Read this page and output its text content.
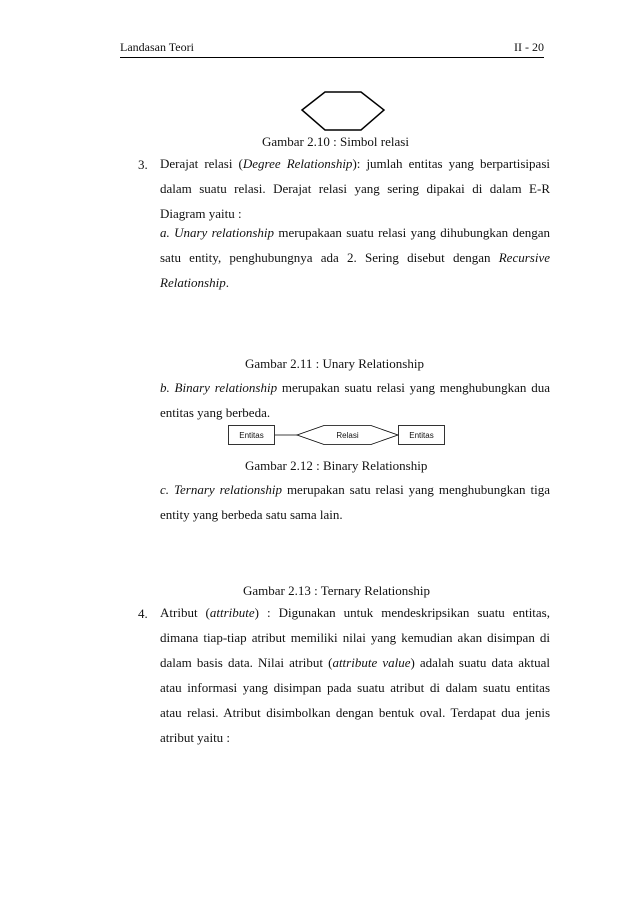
Landasan Teori	II - 20
Gambar 2.10 : Simbol relasi
3. Derajat relasi (Degree Relationship): jumlah entitas yang berpartisipasi dalam suatu relasi. Derajat relasi yang sering dipakai di dalam E-R Diagram yaitu :
a. Unary relationship merupakaan suatu relasi yang dihubungkan dengan satu entity, penghubungnya ada 2. Sering disebut dengan Recursive Relationship.
Gambar 2.11 : Unary Relationship
b. Binary relationship merupakan suatu relasi yang menghubungkan dua entitas yang berbeda.
Entitas	Relasi	Entitas
Gambar 2.12 : Binary Relationship
c. Ternary relationship merupakan satu relasi yang menghubungkan tiga entity yang berbeda satu sama lain.
Gambar 2.13 : Ternary Relationship
4. Atribut (attribute) : Digunakan untuk mendeskripsikan suatu entitas, dimana tiap-tiap atribut memiliki nilai yang kemudian akan disimpan di dalam basis data. Nilai atribut (attribute value) adalah suatu data aktual atau informasi yang disimpan pada suatu atribut di dalam suatu entitas atau relasi. Atribut disimbolkan dengan bentuk oval. Terdapat dua jenis atribut yaitu :
